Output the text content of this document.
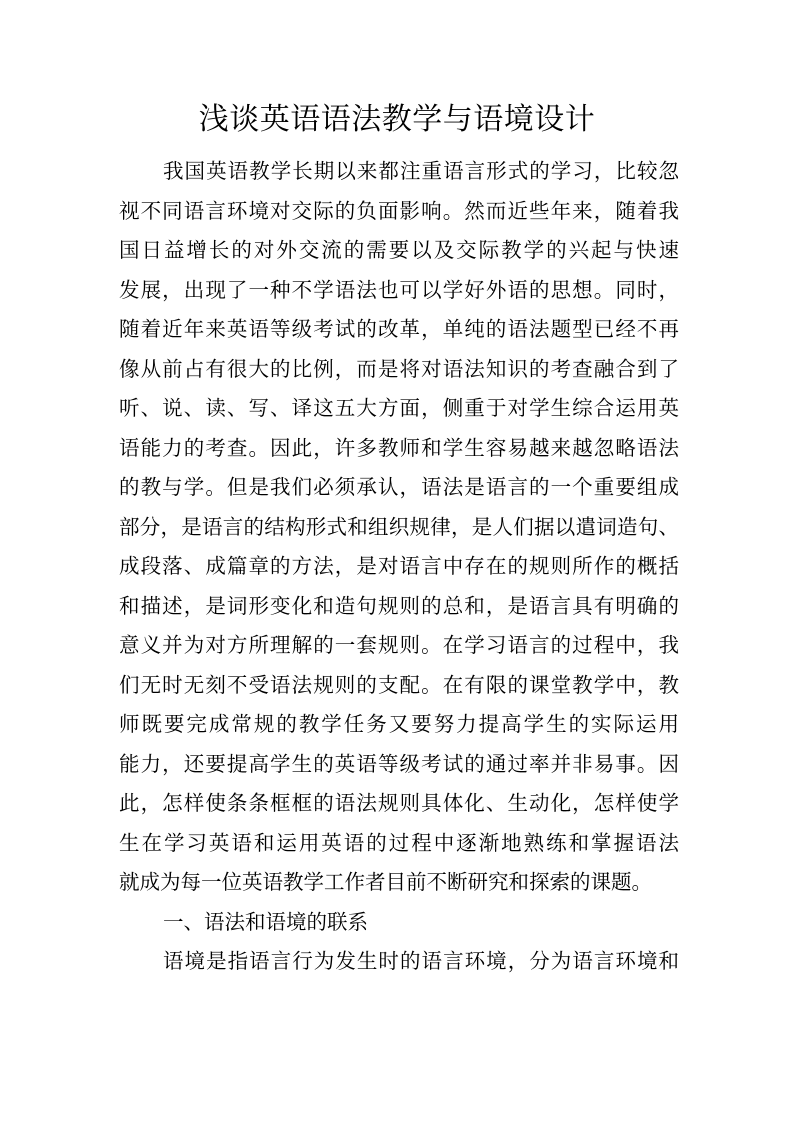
浅谈英语语法教学与语境设计
我国英语教学长期以来都注重语言形式的学习，比较忽
视不同语言环境对交际的负面影响。然而近些年来，随着我
国日益增长的对外交流的需要以及交际教学的兴起与快速
发展，出现了一种不学语法也可以学好外语的思想。同时，
随着近年来英语等级考试的改革，单纯的语法题型已经不再
像从前占有很大的比例，而是将对语法知识的考查融合到了
听、说、读、写、译这五大方面，侧重于对学生综合运用英
语能力的考查。因此，许多教师和学生容易越来越忽略语法
的教与学。但是我们必须承认，语法是语言的一个重要组成
部分，是语言的结构形式和组织规律，是人们据以遣词造句、
成段落、成篇章的方法，是对语言中存在的规则所作的概括
和描述，是词形变化和造句规则的总和，是语言具有明确的
意义并为对方所理解的一套规则。在学习语言的过程中，我
们无时无刻不受语法规则的支配。在有限的课堂教学中，教
师既要完成常规的教学任务又要努力提高学生的实际运用
能力，还要提高学生的英语等级考试的通过率并非易事。因
此，怎样使条条框框的语法规则具体化、生动化，怎样使学
生在学习英语和运用英语的过程中逐渐地熟练和掌握语法
就成为每一位英语教学工作者目前不断研究和探索的课题。
一、语法和语境的联系
语境是指语言行为发生时的语言环境，分为语言环境和
